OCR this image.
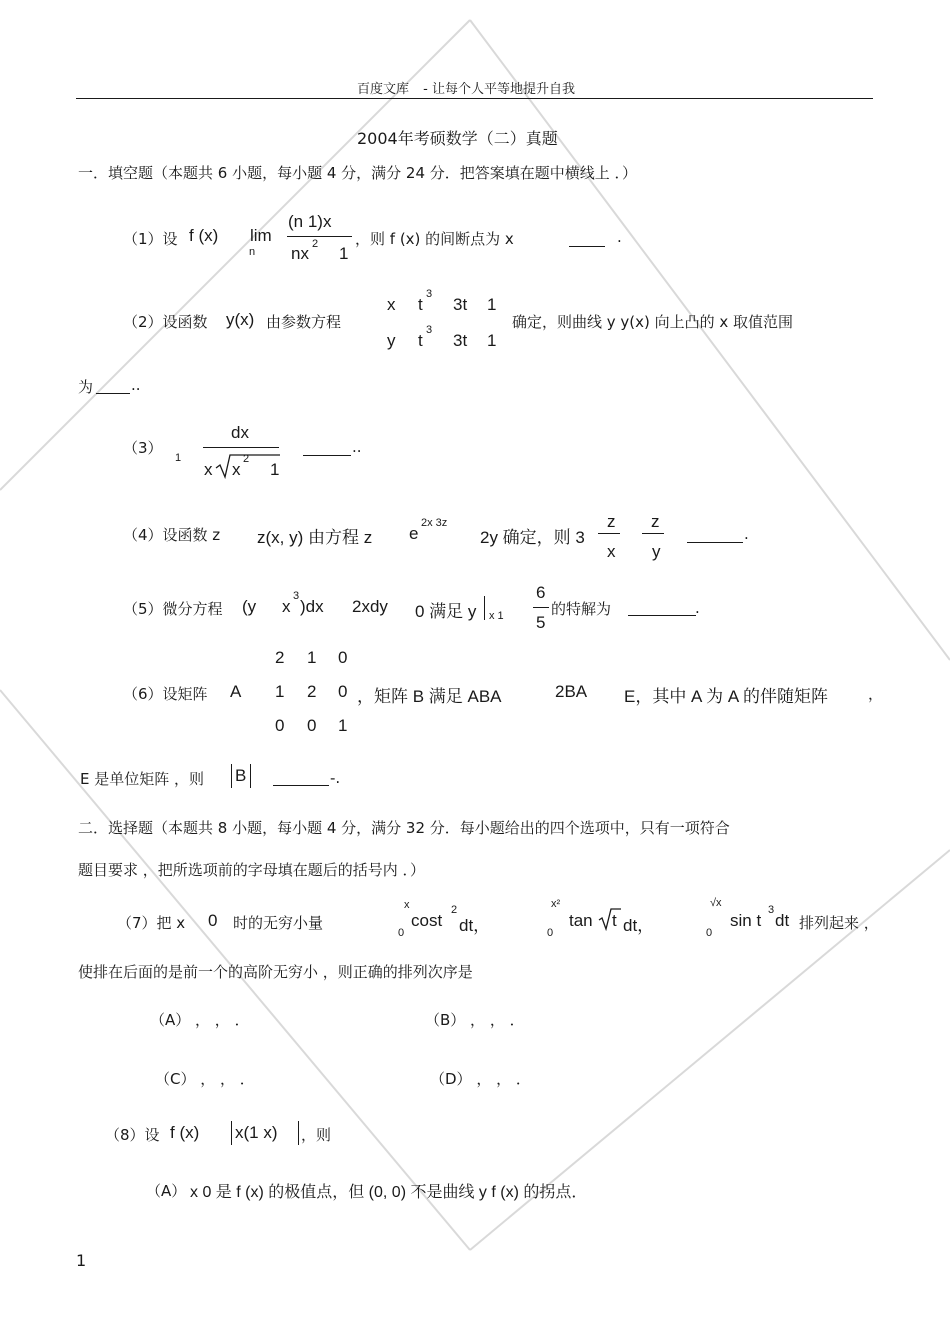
百度文库 - 让每个人平等地提升自我
2004年考硕数学（二）真题
一．填空题（本题共 6 小题，每小题 4 分，满分 24 分．把答案填在题中横线上 ．）
（1）设 f (x) lim
n
(n 1)x
nx 2 1
，则 f (x) 的间断点为 x	.
（2）设函数 y(x) 由参数方程
x t
3
3t 1
y t
3
3t 1
确定，则曲线 y y(x) 向上凸的 x 取值范围
为	..
（3）
1
dx
x x
2
1
..
（4）设函数 z z(x, y) 由方程 z e
2x 3z
2y 确定，则 3
z
x
z
y
.
（5）微分方程 (y x
3
)dx 2xdy 0 满足 y x 1
6
5
的特解为	.
（6）设矩阵 A
2 1 0
1 2 0
0 0 1
，矩阵 B 满足 ABA	2BA E，其中 A 为 A 的伴随矩阵	，
E 是单位矩阵 ，则 B	-.
二．选择题（本题共 8 小题，每小题 4 分，满分 32 分．每小题给出的四个选项中，只有一项符合
题目要求 ，把所选项前的字母填在题后的括号内 ．）
（7）把 x 0 时的无穷小量
x
0
cost
2
dt，
x²
0
tan t dt，
√x
0
sin t
3
dt 排列起来 ，
使排在后面的是前一个的高阶无穷小 ，则正确的排列次序是
（A） ， ， ．	（B） ， ， ．
（C） ， ， ．	（D） ， ， ．
（8）设 f (x) x(1 x) ，则
（A） x 0 是 f (x) 的极值点，但 (0, 0) 不是曲线 y f (x) 的拐点．
1
